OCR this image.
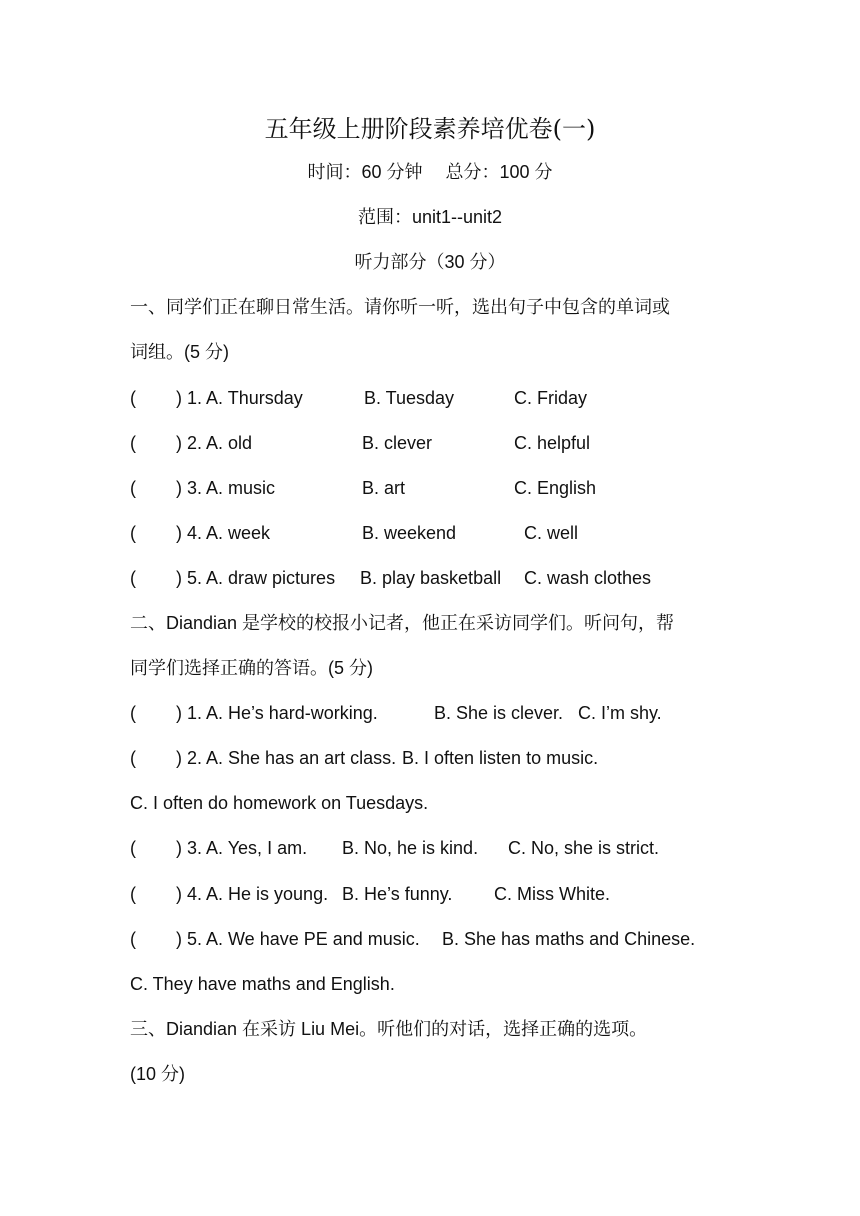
五年级上册阶段素养培优卷(一)
时间：60 分钟　 总分：100 分
范围：unit1--unit2
听力部分（30 分）
一、同学们正在聊日常生活。请你听一听，选出句子中包含的单词或
词组。(5 分)
( ) 1. A. Thursday	B. Tuesday	C. Friday
( ) 2. A. old	B. clever	C. helpful
( ) 3. A. music	B. art	C. English
( ) 4. A. week	B. weekend	C. well
( ) 5. A. draw pictures B. play basketball C. wash clothes
二、Diandian 是学校的校报小记者，他正在采访同学们。听问句，帮
同学们选择正确的答语。(5 分)
( ) 1. A. He’s hard-working.	B. She is clever. C. I’m shy.
( ) 2. A. She has an art class. B. I often listen to music.
C. I often do homework on Tuesdays.
( ) 3. A. Yes, I am. B. No, he is kind. C. No, she is strict.
( ) 4. A. He is young. B. He’s funny. C. Miss White.
( ) 5. A. We have PE and music. B. She has maths and Chinese.
C. They have maths and English.
三、Diandian 在采访 Liu Mei。听他们的对话，选择正确的选项。
(10 分)
